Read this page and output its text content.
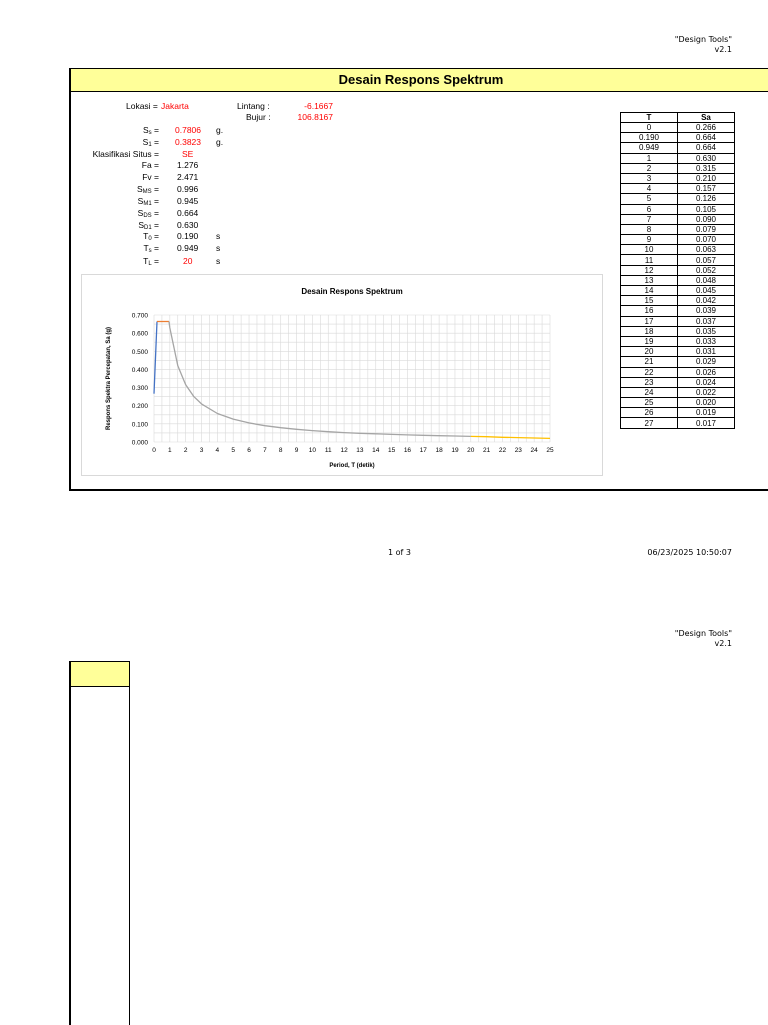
"Design Tools"
v2.1
Desain Respons Spektrum
Lokasi = Jakarta	Lintang :	-6.1667
Bujur :	106.8167
$S_s = 0.7806$ g.
$S_1 = 0.3823$ g.
Klasifikasi Situs =	SE
Fa = 1.276
Fv = 2.471
$S_{MS} = 0.996$
$S_{M1} = 0.945$
$S_{DS} = 0.664$
$S_{D1} = 0.630$
$T_0 = 0.190$ s
$T_s = 0.949$ s
$T_L$ =	20	s
T	Sa
0	0.266
0.190	0.664
0.949	0.664
1	0.630
2	0.315
3	0.210
4	0.157
5	0.126
6	0.105
7	0.090
8	0.079
9	0.070
10	0.063
11	0.057
12	0.052
13	0.048
14	0.045
15	0.042
16	0.039
17	0.037
18	0.035
19	0.033
20	0.031
21	0.029
22	0.026
23	0.024
24	0.022
25	0.020
26	0.019
27	0.017
Desain Respons Spektrum
0.000
0.100
0.200
0.300
0.400
0.500
0.600
0.700
0 1 2 3 4 5 6 7 8 9 10 11 12 13 14 15 16 17 18 19 20 21 22 23 24 25
Period, T (detik)
Respons Spektra Percepatan, Sa (g)
1 of 3	06/23/2025 10:50:07
"Design Tools"
v2.1
